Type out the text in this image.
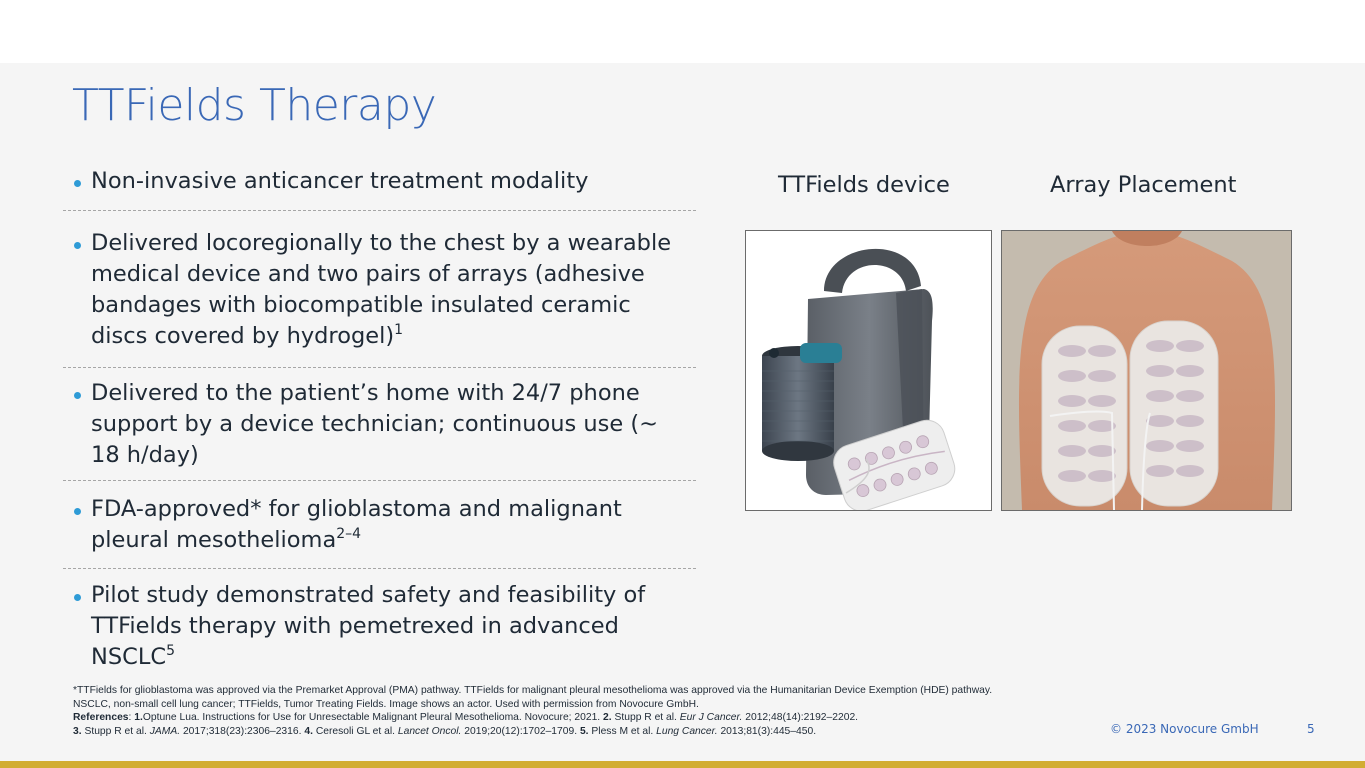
TTFields Therapy
Non-invasive anticancer treatment modality
Delivered locoregionally to the chest by a wearable medical device and two pairs of arrays (adhesive bandages with biocompatible insulated ceramic discs covered by hydrogel)$^1$
Delivered to the patient’s home with 24/7 phone support by a device technician; continuous use (~ 18 h/day)
FDA-approved* for glioblastoma and malignant pleural mesothelioma$^{2-4}$
Pilot study demonstrated safety and feasibility of TTFields therapy with pemetrexed in advanced NSCLC$^5$
TTFields device	Array Placement
*TTFields for glioblastoma was approved via the Premarket Approval (PMA) pathway. TTFields for malignant pleural mesothelioma was approved via the Humanitarian Device Exemption (HDE) pathway.
NSCLC, non-small cell lung cancer; TTFields, Tumor Treating Fields. Image shows an actor. Used with permission from Novocure GmbH.
References: 1.Optune Lua. Instructions for Use for Unresectable Malignant Pleural Mesothelioma. Novocure; 2021. 2. Stupp R et al. Eur J Cancer. 2012;48(14):2192–2202.
3. Stupp R et al. JAMA. 2017;318(23):2306–2316. 4. Ceresoli GL et al. Lancet Oncol. 2019;20(12):1702–1709. 5. Pless M et al. Lung Cancer. 2013;81(3):445–450.	© 2023 Novocure GmbH	5
